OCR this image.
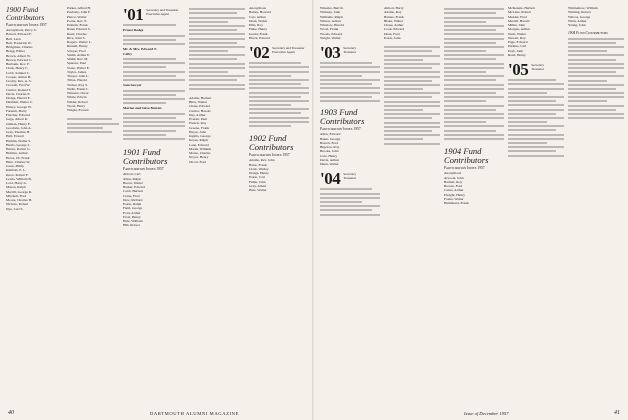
1900 Fund Contributors
Participation Index 1957
Anonymous, Percy S.
Barrett, Edward F.
Bell, Leon
Bell, Frederick W.
Bridgman, Charles
Bragg, Elmer
Brown, Albert W.
Brown, Edward C.
Burbank, Rev. F.
Clark, Henry C.
Cobb, Samuel C.
Cooper, Arthur H.
Crosby, Rev. A. S.
Crowell, Fred W.
Currier, Roland T.
Davis, Charles F.
Dodge, Harold E.
Dunham, Walter C.
Emery, George W.
Farnum, Harry
Fletcher, Edward
Gage, Albert R.
Gilman, Henry E.
Goodwin, John A.
Gray, Thomas H.
Hall, Everett
Hamlin, Walter S.
Harris, George L.
Hazen, Robert G.
Holmes, Arthur
Howe, Dr. Frank
Hunt, Charles W.
Jones, Philip
Kimball, E. L.
Knox, Robert F.
Lewis, William B.
Lord, Harry G.
Mason, Ralph
Merrill, George R.
Mitchell, Fred
Moore, Charles H.
Nichols, Robert
Nye, Carl S.
Parker, Alfred H.
Peabody, John F.
Pierce, Walter
Porter, Rev. E.
Putnam, Frank
Rand, Edward S.
Reed, Charles
Rice, John S.
Rogers, Walter L.
Russell, Henry
Sawyer, Fred
Smith, Arthur E.
Smith, Rev. M.
Spencer, Paul
Stone, Walter E.
Taylor, James
Thayer, John L.
Tilton, Harold
Tucker, Roy S.
Wells, Frank C.
Wheeler, Oscar
White, Edwin
Wilder, Robert
Wood, Harry
Wright, Everett
'01 Secretary and Treasurer
Executive Agent
Ernest Dodge
Mr. & Mrs. Edward T.
Colby
Sam Sawyer
Marion and Steve Barrett
1901 Fund Contributors
Participation Index 1957
Abbott, Carl
Allen, Ralph
Bacon, Walter
Barker, Edward
Cobb, Herbert
Crane, Fred
Dow, Richard
Eaton, Ralph
Field, George
Ford, Arthur
Frost, Henry
Hale, William
Hill, Robert
Adams, Herbert
Bliss, Walter
Chase, Edward
Currier, Harold
Day, Arthur
Everett, Paul
French, Roy
Greene, Frank
Hayes, John
Ingalls, George
Keyes, Ralph
Lane, Edward
Marsh, William
Morse, Charles
Noyes, Henry
Olcott, Fred
Anonymous
Bailey, Howard
Carr, Arthur
Dean, Walter
Ellis, Roy
Fiske, Henry
Gould, Frank
Hatch, Edward
'02 Secretary and Treasurer
Executive Agent
1902 Fund Contributors
Participation Index 1957
Adams, Rev. John
Bates, Frank
Clark, Wesley
Dodge, Henry
Eaton, Carl
Fuller, John
Gray, Albert
Hale, Walter
40	DARTMOUTH ALUMNI MAGAZINE
Wheeler, Bert R.
Whitney, John
Williams, Ralph
Wilson, Arthur
Winslow, Harold
Wood, Frank
Woods, Edward
Wright, Walter
'03 Secretary
Treasurer
1903 Fund Contributors
Participation Index 1957
Allen, Edward
Baker, George
Barrett, Fred
Bigelow, Roy
Brooks, John
Cole, Henry
Davis, Arthur
Dunn, Walter
'04 Secretary
Treasurer
Abbott, Harry
Adams, Roy
Barnes, Frank
Blake, Walter
Chase, Arthur
Cook, Edward
Dean, Fred
Eaton, John
1904 Fund Contributors
Participation Index 1957
Anonymous
Atwood, John
Bartlett, Roy
Bowen, Fred
Carter, Arthur
Dwight, Henry
Foster, Walter
Hammond, Frank
McKenzie, Herbert
McLane, Robert
Meader, Fred
Merrill, Harold
Miller, John
Morgan, Arthur
Nash, Walter
Newell, Roy
Page, Edward
Perkins, Carl
Pratt, John
Read, Henry
'05 Secretary
Treasurer
Whittemore, William
Whiting, Robert
Wilcox, George
Winn, Arthur
Young, John
1904 Fund Contributors
Issue of December 1957	41
